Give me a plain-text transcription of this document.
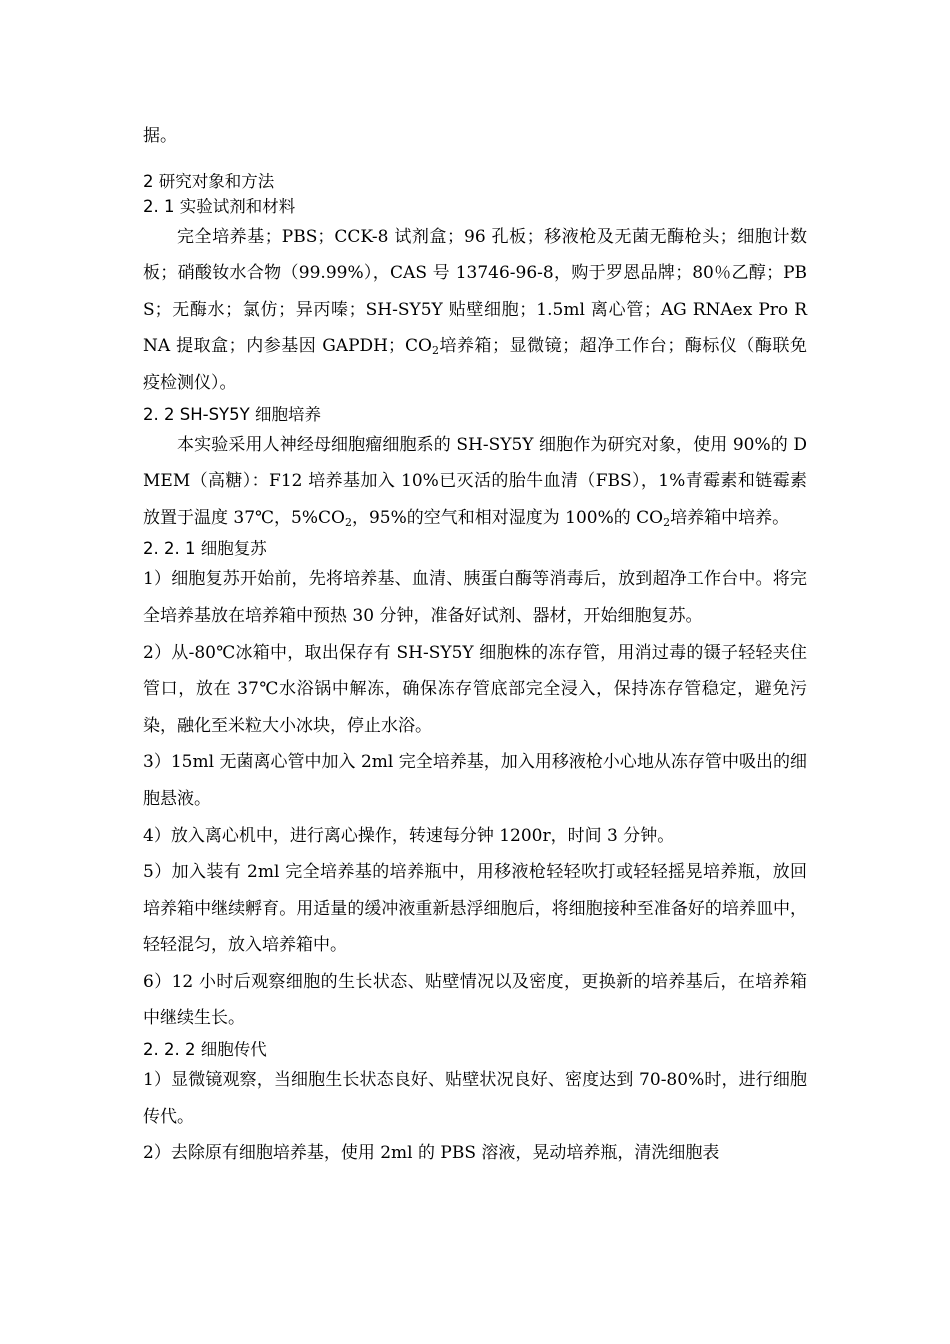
据。

2 研究对象和方法

2. 1 实验试剂和材料

完全培养基；PBS；CCK-8 试剂盒；96 孔板；移液枪及无菌无酶枪头；细胞计数板；硝酸钕水合物（99.99%），CAS 号 13746-96-8，购于罗恩品牌；80％乙醇；PBS；无酶水；氯仿；异丙嗪；SH-SY5Y 贴壁细胞；1.5ml 离心管；AG RNAex Pro RNA 提取盒；内参基因 GAPDH；$CO_2$培养箱；显微镜；超净工作台；酶标仪（酶联免疫检测仪）。

2. 2 SH-SY5Y 细胞培养

本实验采用人神经母细胞瘤细胞系的 SH-SY5Y 细胞作为研究对象，使用 90%的 DMEM（高糖）：F12 培养基加入 10%已灭活的胎牛血清（FBS），1%青霉素和链霉素放置于温度 37℃，$5\%CO_2$，95%的空气和相对湿度为 100%的 $CO_2$培养箱中培养。

2. 2. 1 细胞复苏

1）细胞复苏开始前，先将培养基、血清、胰蛋白酶等消毒后，放到超净工作台中。将完全培养基放在培养箱中预热 30 分钟，准备好试剂、器材，开始细胞复苏。

2）从-80℃冰箱中，取出保存有 SH-SY5Y 细胞株的冻存管，用消过毒的镊子轻轻夹住管口，放在 37℃水浴锅中解冻，确保冻存管底部完全浸入，保持冻存管稳定，避免污染，融化至米粒大小冰块，停止水浴。

3）15ml 无菌离心管中加入 2ml 完全培养基，加入用移液枪小心地从冻存管中吸出的细胞悬液。

4）放入离心机中，进行离心操作，转速每分钟 1200r，时间 3 分钟。

5）加入装有 2ml 完全培养基的培养瓶中，用移液枪轻轻吹打或轻轻摇晃培养瓶，放回培养箱中继续孵育。用适量的缓冲液重新悬浮细胞后，将细胞接种至准备好的培养皿中，轻轻混匀，放入培养箱中。

6）12 小时后观察细胞的生长状态、贴壁情况以及密度，更换新的培养基后，在培养箱中继续生长。

2. 2. 2 细胞传代

1）显微镜观察，当细胞生长状态良好、贴壁状况良好、密度达到 70-80%时，进行细胞传代。

2）去除原有细胞培养基，使用 2ml 的 PBS 溶液，晃动培养瓶，清洗细胞表
